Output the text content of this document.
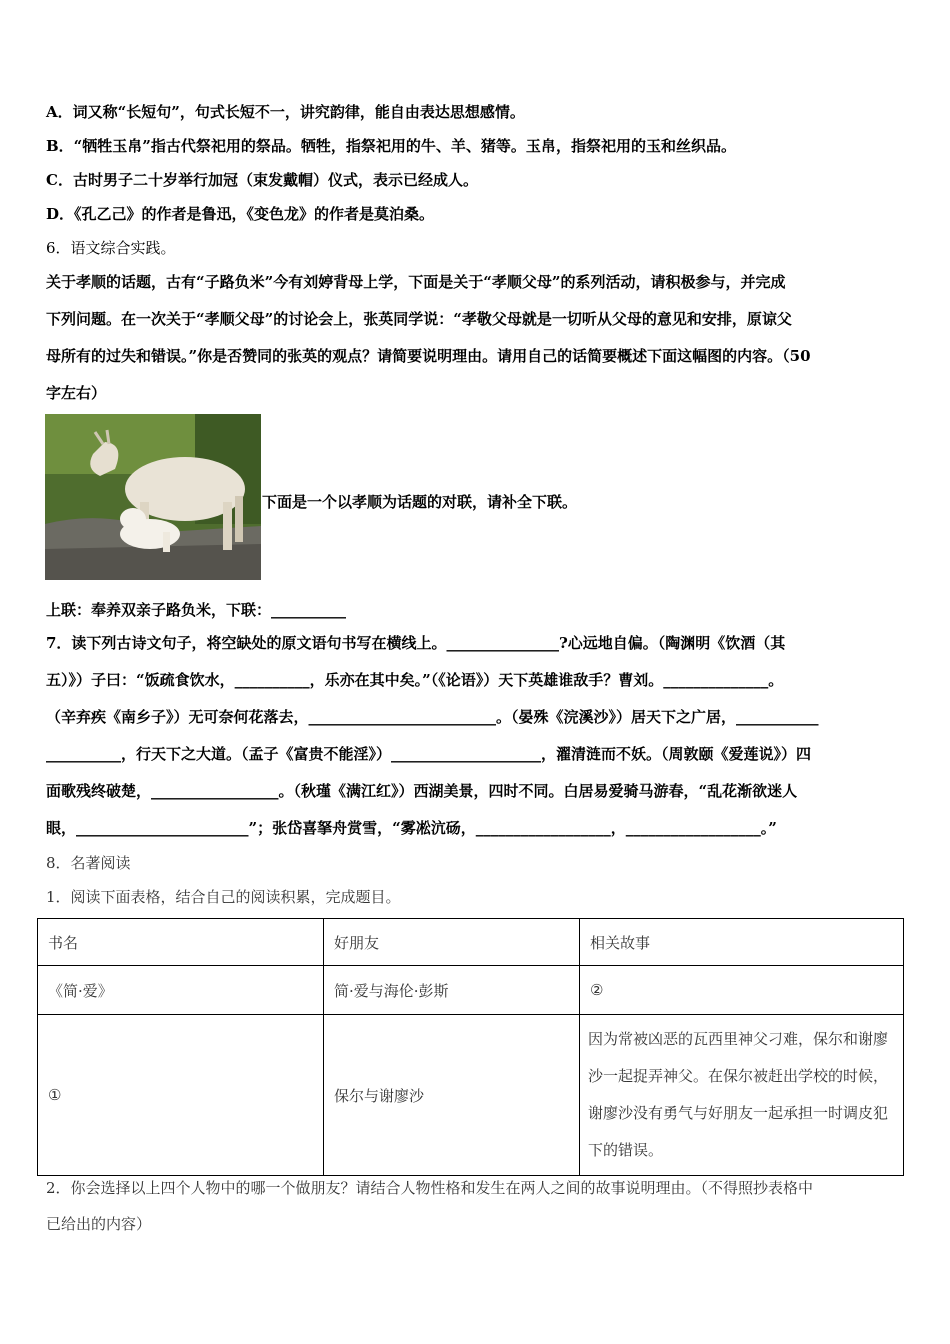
A．词又称“长短句”，句式长短不一，讲究韵律，能自由表达思想感情。
B．“牺牲玉帛”指古代祭祀用的祭品。牺牲，指祭祀用的牛、羊、猪等。玉帛，指祭祀用的玉和丝织品。
C．古时男子二十岁举行加冠（束发戴帽）仪式，表示已经成人。
D．《孔乙己》的作者是鲁迅，《变色龙》的作者是莫泊桑。
6．语文综合实践。
关于孝顺的话题，古有“子路负米”今有刘婷背母上学，下面是关于“孝顺父母”的系列活动，请积极参与，并完成
下列问题。在一次关于“孝顺父母”的讨论会上，张英同学说：“孝敬父母就是一切听从父母的意见和安排，原谅父
母所有的过失和错误。”你是否赞同的张英的观点？请简要说明理由。请用自己的话简要概述下面这幅图的内容。（50
字左右）
下面是一个以孝顺为话题的对联，请补全下联。
上联：奉养双亲子路负米，下联：__________
7．读下列古诗文句子，将空缺处的原文语句书写在横线上。_______________?心远地自偏。（陶渊明《饮酒（其
五）》）子曰：“饭疏食饮水，__________，乐亦在其中矣。”（《论语》）天下英雄谁敌手？曹刘。______________。
（辛弃疾《南乡子》）无可奈何花落去，_________________________。（晏殊《浣溪沙》）居天下之广居，___________
__________，行天下之大道。（孟子《富贵不能淫》）____________________，濯清涟而不妖。（周敦颐《爱莲说》）四
面歌残终破楚，_________________。（秋瑾《满江红》）西湖美景，四时不同。白居易爱骑马游春，“乱花渐欲迷人
眼，_______________________”；张岱喜拏舟赏雪，“雾凇沆砀，__________________，__________________。”
8．名著阅读
1．阅读下面表格，结合自己的阅读积累，完成题目。
书名	好朋友	相关故事
《简·爱》	简·爱与海伦·彭斯	②
①	保尔与谢廖沙	因为常被凶恶的瓦西里神父刁难，保尔和谢廖沙一起捉弄神父。在保尔被赶出学校的时候，谢廖沙没有勇气与好朋友一起承担一时调皮犯下的错误。
2．你会选择以上四个人物中的哪一个做朋友？请结合人物性格和发生在两人之间的故事说明理由。（不得照抄表格中
已给出的内容）
